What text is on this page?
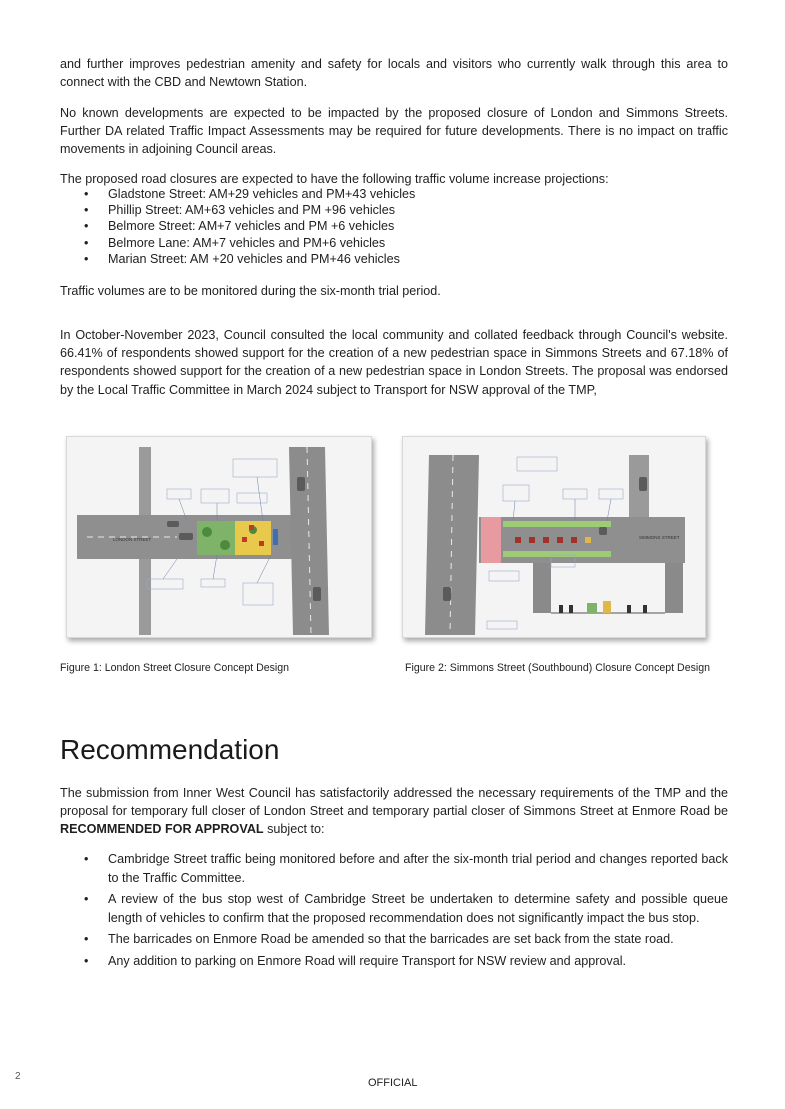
and further improves pedestrian amenity and safety for locals and visitors who currently walk through this area to connect with the CBD and Newtown Station.

No known developments are expected to be impacted by the proposed closure of London and Simmons Streets. Further DA related Traffic Impact Assessments may be required for future developments. There is no impact on traffic movements in adjoining Council areas.

The proposed road closures are expected to have the following traffic volume increase projections:

• Gladstone Street: AM+29 vehicles and PM+43 vehicles
• Phillip Street: AM+63 vehicles and PM +96 vehicles
• Belmore Street: AM+7 vehicles and PM +6 vehicles
• Belmore Lane: AM+7 vehicles and PM+6 vehicles
• Marian Street: AM +20 vehicles and PM+46 vehicles

Traffic volumes are to be monitored during the six-month trial period.

In October-November 2023, Council consulted the local community and collated feedback through Council's website. 66.41% of respondents showed support for the creation of a new pedestrian space in Simmons Streets and 67.18% of respondents showed support for the creation of a new pedestrian space in London Streets. The proposal was endorsed by the Local Traffic Committee in March 2024 subject to Transport for NSW approval of the TMP,

LONDON STREET	SIMMONS STREET

Figure 1: London Street Closure Concept Design	Figure 2: Simmons Street (Southbound) Closure Concept Design

Recommendation

The submission from Inner West Council has satisfactorily addressed the necessary requirements of the TMP and the proposal for temporary full closer of London Street and temporary partial closer of Simmons Street at Enmore Road be RECOMMENDED FOR APPROVAL subject to:

• Cambridge Street traffic being monitored before and after the six-month trial period and changes reported back to the Traffic Committee.
• A review of the bus stop west of Cambridge Street be undertaken to determine safety and possible queue length of vehicles to confirm that the proposed recommendation does not significantly impact the bus stop.
• The barricades on Enmore Road be amended so that the barricades are set back from the state road.
• Any addition to parking on Enmore Road will require Transport for NSW review and approval.
2
OFFICIAL
